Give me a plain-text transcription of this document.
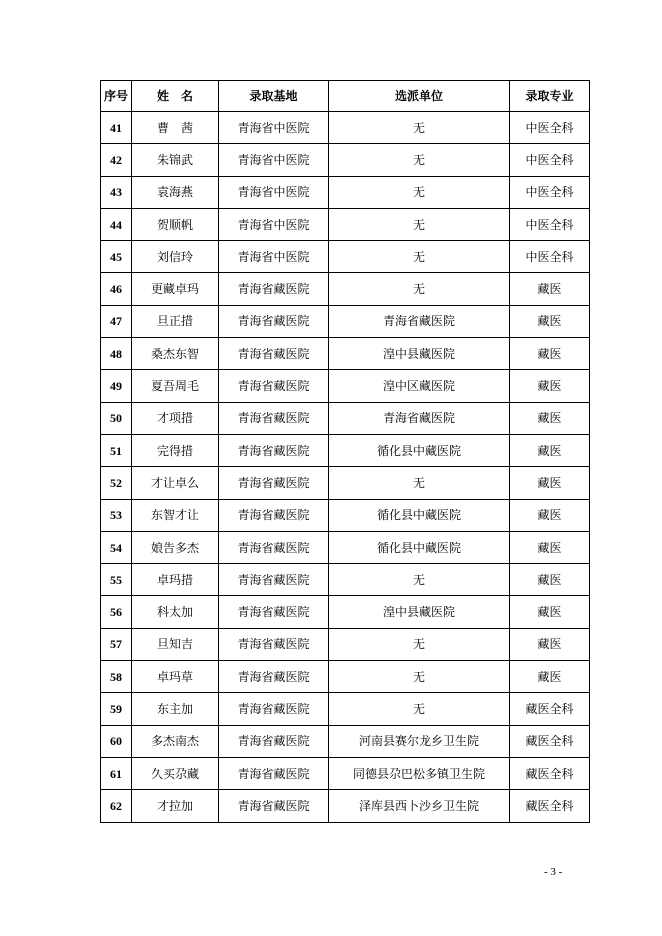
序号	姓　名	录取基地	选派单位	录取专业
41	曹　茜	青海省中医院	无	中医全科
42	朱锦武	青海省中医院	无	中医全科
43	袁海燕	青海省中医院	无	中医全科
44	贺顺帆	青海省中医院	无	中医全科
45	刘信玲	青海省中医院	无	中医全科
46	更藏卓玛	青海省藏医院	无	藏医
47	旦正措	青海省藏医院	青海省藏医院	藏医
48	桑杰东智	青海省藏医院	湟中县藏医院	藏医
49	夏吾周毛	青海省藏医院	湟中区藏医院	藏医
50	才项措	青海省藏医院	青海省藏医院	藏医
51	完得措	青海省藏医院	循化县中藏医院	藏医
52	才让卓么	青海省藏医院	无	藏医
53	东智才让	青海省藏医院	循化县中藏医院	藏医
54	娘告多杰	青海省藏医院	循化县中藏医院	藏医
55	卓玛措	青海省藏医院	无	藏医
56	科太加	青海省藏医院	湟中县藏医院	藏医
57	旦知吉	青海省藏医院	无	藏医
58	卓玛草	青海省藏医院	无	藏医
59	东主加	青海省藏医院	无	藏医全科
60	多杰南杰	青海省藏医院	河南县赛尔龙乡卫生院	藏医全科
61	久买尕藏	青海省藏医院	同德县尕巴松多镇卫生院	藏医全科
62	才拉加	青海省藏医院	泽库县西卜沙乡卫生院	藏医全科
- 3 -
